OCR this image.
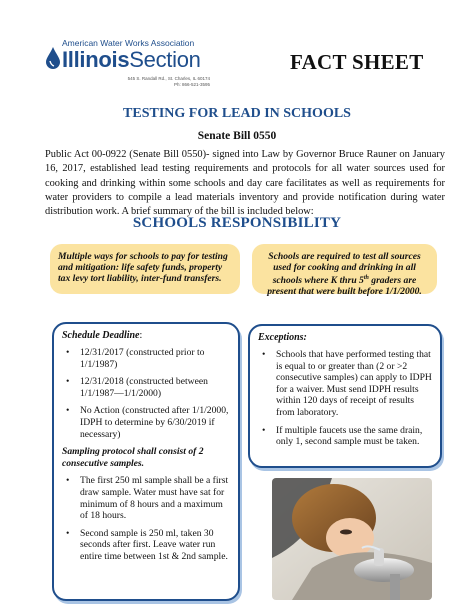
American Water Works Association
IllinoisSection
545 S. Randall Rd., St. Charles, IL 60174
Ph: 866-521-3595
FACT SHEET
TESTING FOR LEAD IN SCHOOLS
Senate Bill 0550
Public Act 00-0922 (Senate Bill 0550)- signed into Law by Governor Bruce Rauner on January 16, 2017, established lead testing requirements and protocols for all water sources used for cooking and drinking within some schools and day care facilitates as well as requirements for water providers to compile a lead materials inventory and provide notification during water distribution work. A brief summary of the bill is included below:
SCHOOLS RESPONSIBILITY
Multiple ways for schools to pay for testing and mitigation: life safety funds, property tax levy tort liability, inter-fund transfers.
Schools are required to test all sources used for cooking and drinking in all schools where K thru 5th graders are present that were built before 1/1/2000.

Schedule Deadline:

• 12/31/2017 (constructed prior to 1/1/1987)
• 12/31/2018 (constructed between 1/1/1987—1/1/2000)
• No Action (constructed after 1/1/2000, IDPH to determine by 6/30/2019 if necessary)
Sampling protocol shall consist of 2 consecutive samples.
• The first 250 ml sample shall be a first draw sample. Water must have sat for minimum of 8 hours and a maximum of 18 hours.
• Second sample is 250 ml, taken 30 seconds after first. Leave water run entire time between 1st & 2nd sample.

Exceptions:

• Schools that have performed testing that is equal to or greater than (2 or >2 consecutive samples) can apply to IDPH for a waiver. Must send IDPH results within 120 days of receipt of results from laboratory.
• If multiple faucets use the same drain, only 1, second sample must be taken.
